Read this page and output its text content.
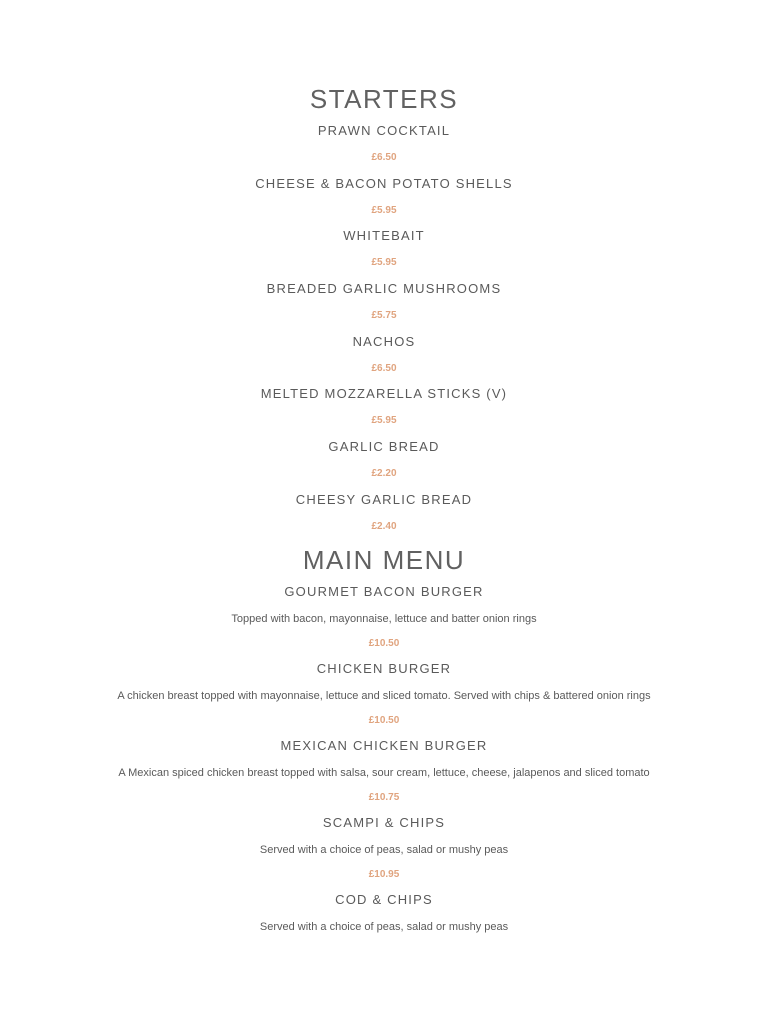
STARTERS

PRAWN COCKTAIL

£6.50

CHEESE & BACON POTATO SHELLS

£5.95

WHITEBAIT

£5.95

BREADED GARLIC MUSHROOMS

£5.75

NACHOS

£6.50

MELTED MOZZARELLA STICKS (V)

£5.95

GARLIC BREAD

£2.20

CHEESY GARLIC BREAD

£2.40

MAIN MENU

GOURMET BACON BURGER

Topped with bacon, mayonnaise, lettuce and batter onion rings

£10.50

CHICKEN BURGER

A chicken breast topped with mayonnaise, lettuce and sliced tomato. Served with chips & battered onion rings

£10.50

MEXICAN CHICKEN BURGER

A Mexican spiced chicken breast topped with salsa, sour cream, lettuce, cheese, jalapenos and sliced tomato

£10.75

SCAMPI & CHIPS

Served with a choice of peas, salad or mushy peas

£10.95

COD & CHIPS

Served with a choice of peas, salad or mushy peas
